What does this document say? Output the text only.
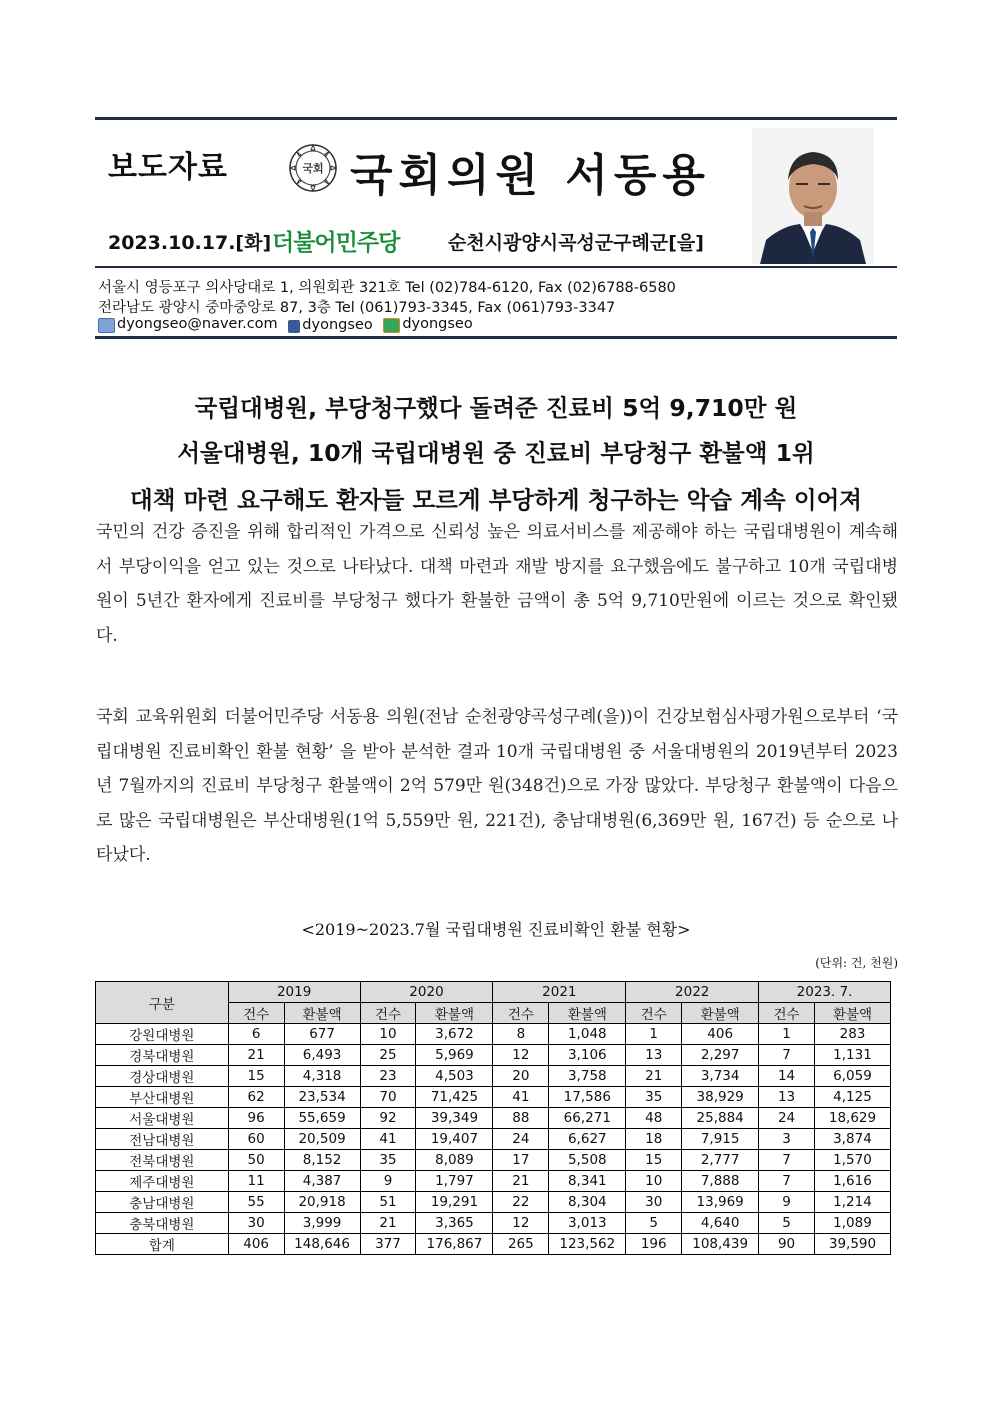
보도자료	국회 국회의원 서동용
2023.10.17.[화] 더불어민주당	순천시광양시곡성군구례군[을]
서울시 영등포구 의사당대로 1, 의원회관 321호 Tel (02)784-6120, Fax (02)6788-6580
전라남도 광양시 중마중앙로 87, 3층 Tel (061)793-3345, Fax (061)793-3347
dyongseo@naver.com
dyongseo
dyongseo
국립대병원, 부당청구했다 돌려준 진료비 5억 9,710만 원
서울대병원, 10개 국립대병원 중 진료비 부당청구 환불액 1위
대책 마련 요구해도 환자들 모르게 부당하게 청구하는 악습 계속 이어져
국민의 건강 증진을 위해 합리적인 가격으로 신뢰성 높은 의료서비스를 제공해야 하는 국립대병원이 계속해서 부당이익을 얻고 있는 것으로 나타났다. 대책 마련과 재발 방지를 요구했음에도 불구하고 10개 국립대병원이 5년간 환자에게 진료비를 부당청구 했다가 환불한 금액이 총 5억 9,710만원에 이르는 것으로 확인됐다.
국회 교육위원회 더불어민주당 서동용 의원(전남 순천광양곡성구례(을))이 건강보험심사평가원으로부터 ‘국립대병원 진료비확인 환불 현황’ 을 받아 분석한 결과 10개 국립대병원 중 서울대병원의 2019년부터 2023년 7월까지의 진료비 부당청구 환불액이 2억 579만 원(348건)으로 가장 많았다. 부당청구 환불액이 다음으로 많은 국립대병원은 부산대병원(1억 5,559만 원, 221건), 충남대병원(6,369만 원, 167건) 등 순으로 나타났다.
<2019~2023.7월 국립대병원 진료비확인 환불 현황>
(단위: 건, 천원)
구분	2019		2020		2021		2022		2023. 7.	
	건수	환불액	건수	환불액	건수	환불액	건수	환불액	건수	환불액
강원대병원	6	677	10	3,672	8	1,048	1	406	1	283
경북대병원	21	6,493	25	5,969	12	3,106	13	2,297	7	1,131
경상대병원	15	4,318	23	4,503	20	3,758	21	3,734	14	6,059
부산대병원	62	23,534	70	71,425	41	17,586	35	38,929	13	4,125
서울대병원	96	55,659	92	39,349	88	66,271	48	25,884	24	18,629
전남대병원	60	20,509	41	19,407	24	6,627	18	7,915	3	3,874
전북대병원	50	8,152	35	8,089	17	5,508	15	2,777	7	1,570
제주대병원	11	4,387	9	1,797	21	8,341	10	7,888	7	1,616
충남대병원	55	20,918	51	19,291	22	8,304	30	13,969	9	1,214
충북대병원	30	3,999	21	3,365	12	3,013	5	4,640	5	1,089
합계	406	148,646	377	176,867	265	123,562	196	108,439	90	39,590
